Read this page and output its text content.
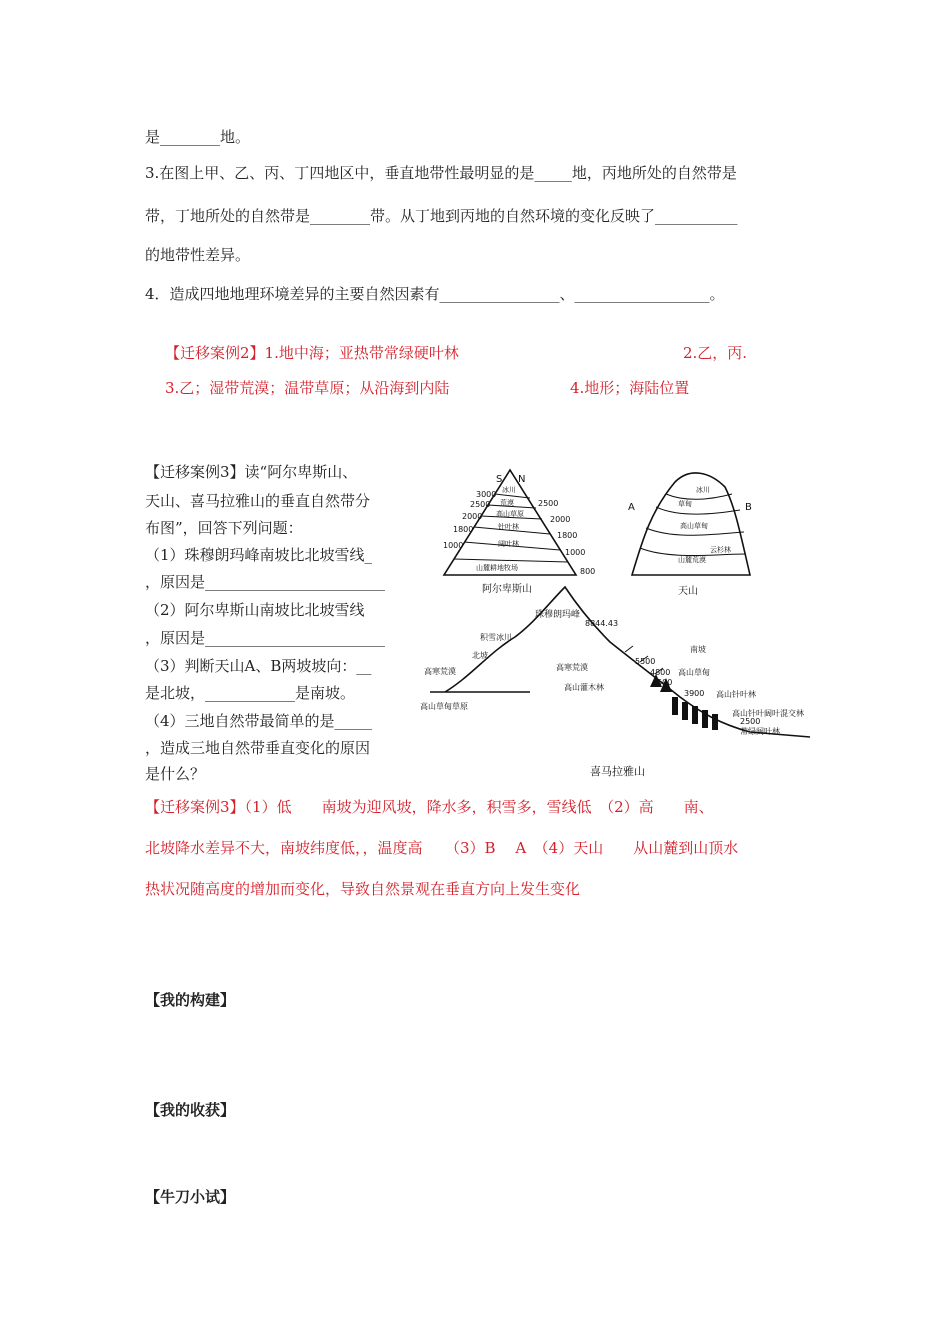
是________地。
3.在图上甲、乙、丙、丁四地区中，垂直地带性最明显的是_____地，丙地所处的自然带是
带，丁地所处的自然带是________带。从丁地到丙地的自然环境的变化反映了___________
的地带性差异。
4．造成四地地理环境差异的主要自然因素有________________、__________________。
【迁移案例2】1.地中海；亚热带常绿硬叶林	2.乙，丙.
3.乙；湿带荒漠；温带草原；从沿海到内陆	4.地形；海陆位置
【迁移案例3】读“阿尔卑斯山、
天山、喜马拉雅山的垂直自然带分
布图”，回答下列问题：
（1）珠穆朗玛峰南坡比北坡雪线_
，原因是________________________
（2）阿尔卑斯山南坡比北坡雪线
，原因是________________________
（3）判断天山A、B两坡坡向：__
是北坡，____________是南坡。
（4）三地自然带最简单的是_____
，造成三地自然带垂直变化的原因
是什么？
S N
3000
2500
2000
1800
1000
2500
2000
1800
1000
800
冰川
荒漠
高山草原
针叶林
阔叶林
山麓耕地牧场
阿尔卑斯山
A	B
冰川
草甸
高山草甸
云杉林
山麓荒漠
天山
珠穆朗玛峰
8844.43
积雪冰川
北坡
南坡
高寒荒漠
高山草甸草原
高寒荒漠
高山灌木林
5500
4800
4500
3900
2500
高山草甸
高山针叶林
高山针叶阔叶混交林
常绿阔叶林
喜马拉雅山
【迁移案例3】（1）低　　南坡为迎风坡，降水多，积雪多，雪线低　（2）高　　南、
北坡降水差异不大，南坡纬度低，，温度高　　（3）B　 A　（4）天山　　从山麓到山顶水
热状况随高度的增加而变化，导致自然景观在垂直方向上发生变化
【我的构建】
【我的收获】
【牛刀小试】
